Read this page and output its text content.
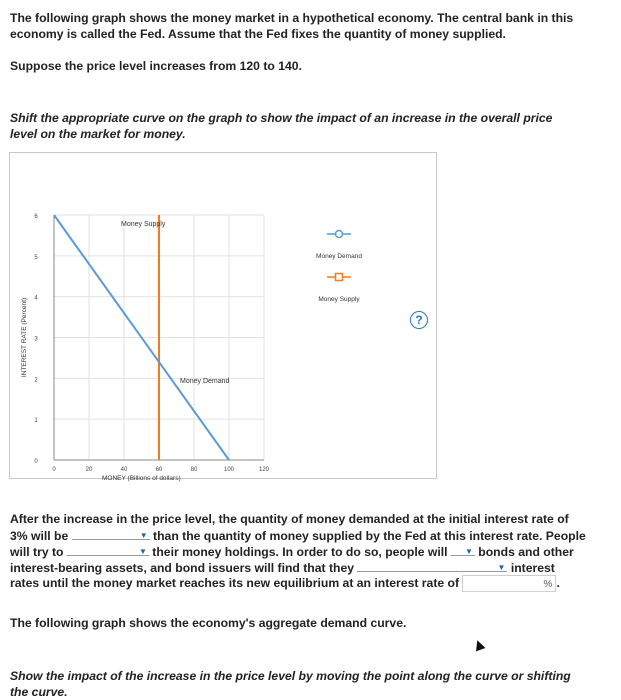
The following graph shows the money market in a hypothetical economy. The central bank in this

economy is called the Fed. Assume that the Fed fixes the quantity of money supplied.

Suppose the price level increases from 120 to 140.

Shift the appropriate curve on the graph to show the impact of an increase in the overall price

level on the market for money.

?
0
1
2
3
4
5
6
0	20	40	60	80	100	120
MONEY (Billions of dollars)
INTEREST RATE (Percent)
Money Supply
Money Demand
Money Demand
Money Supply

After the increase in the price level, the quantity of money demanded at the initial interest rate of

3% will be	▼ than the quantity of money supplied by the Fed at this interest rate. People

will try to	▼ their money holdings. In order to do so, people will ▼ bonds and other

interest-bearing assets, and bond issuers will find that they	▼ interest

rates until the money market reaches its new equilibrium at an interest rate of	% .

The following graph shows the economy's aggregate demand curve.

Show the impact of the increase in the price level by moving the point along the curve or shifting

the curve.
